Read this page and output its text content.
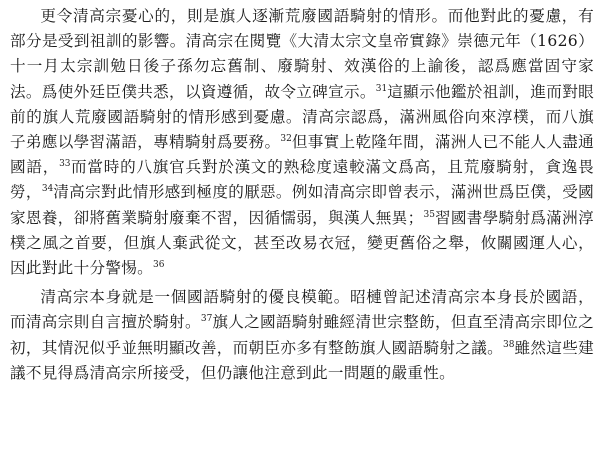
更令清高宗憂心的，則是旗人逐漸荒廢國語騎射的情形。而他對此的憂慮，有部分是受到祖訓的影響。清高宗在閱覽《大清太宗文皇帝實錄》崇德元年（1626）十一月太宗訓勉日後子孫勿忘舊制、廢騎射、效漢俗的上諭後，認爲應當固守家法。爲使外廷臣僕共悉，以資遵循，故令立碑宣示。$^{31}$這顯示他鑑於祖訓，進而對眼前的旗人荒廢國語騎射的情形感到憂慮。清高宗認爲，滿洲風俗向來淳樸，而八旗子弟應以學習滿語，專精騎射爲要務。$^{32}$但事實上乾隆年間，滿洲人已不能人人盡通國語，$^{33}$而當時的八旗官兵對於漢文的熟稔度遠較滿文爲高，且荒廢騎射，貪逸畏勞，$^{34}$清高宗對此情形感到極度的厭惡。例如清高宗即曾表示，滿洲世爲臣僕，受國家恩養，卻將舊業騎射廢棄不習，因循懦弱，與漢人無異；$^{35}$習國書學騎射爲滿洲淳樸之風之首要，但旗人棄武從文，甚至改易衣冠，變更舊俗之舉，攸關國運人心，因此對此十分警惕。$^{36}$

清高宗本身就是一個國語騎射的優良模範。昭槤曾記述清高宗本身長於國語，而清高宗則自言擅於騎射。$^{37}$旗人之國語騎射雖經清世宗整飭，但直至清高宗即位之初，其情況似乎並無明顯改善，而朝臣亦多有整飭旗人國語騎射之議。$^{38}$雖然這些建議不見得爲清高宗所接受，但仍讓他注意到此一問題的嚴重性。
